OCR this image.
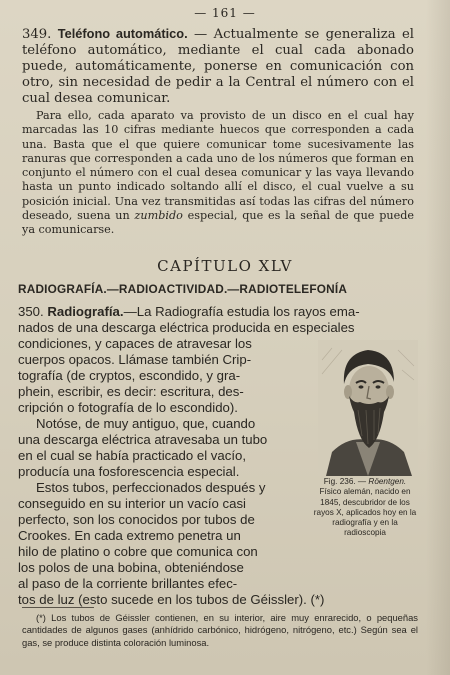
— 161 —
349. Teléfono automático. — Actualmente se generaliza el teléfono automático, mediante el cual cada abonado puede, automáticamente, ponerse en comunicación con otro, sin necesidad de pedir a la Central el número con el cual desea comunicar.
Para ello, cada aparato va provisto de un disco en el cual hay marcadas las 10 cifras mediante huecos que corresponden a cada una. Basta que el que quiere comunicar tome sucesivamente las ranuras que corresponden a cada uno de los números que forman en conjunto el número con el cual desea comunicar y las vaya llevando hasta un punto indicado soltando allí el disco, el cual vuelve a su posición inicial. Una vez transmitidas así todas las cifras del número deseado, suena un zumbido especial, que es la señal de que puede ya comunicarse.
CAPÍTULO XLV
RADIOGRAFÍA.—RADIOACTIVIDAD.—RADIOTELEFONÍA
350. Radiografía.—La Radiografía estudia los rayos ema-
nados de una descarga eléctrica producida en especiales
condiciones, y capaces de atravesar los
cuerpos opacos. Llámase también Crip-
tografía (de cryptos, escondido, y gra-
phein, escribir, es decir: escritura, des-
cripción o fotografía de lo escondido).
Notóse, de muy antiguo, que, cuando
una descarga eléctrica atravesaba un tubo
en el cual se había practicado el vacío,
producía una fosforescencia especial.
Estos tubos, perfeccionados después y
conseguido en su interior un vacío casi
perfecto, son los conocidos por tubos de
Crookes. En cada extremo penetra un
hilo de platino o cobre que comunica con
los polos de una bobina, obteniéndose
al paso de la corriente brillantes efec-
tos de luz (esto sucede en los tubos de Géissler). (*)
Fig. 236. — Röentgen. Físico alemán, nacido en 1845, descubridor de los rayos X, aplicados hoy en la radiografía y en la radioscopia
(*) Los tubos de Géissler contienen, en su interior, aire muy enrarecido, o pequeñas cantidades de algunos gases (anhídrido carbónico, hidrógeno, nitrógeno, etc.) Según sea el gas, se produce distinta coloración luminosa.
